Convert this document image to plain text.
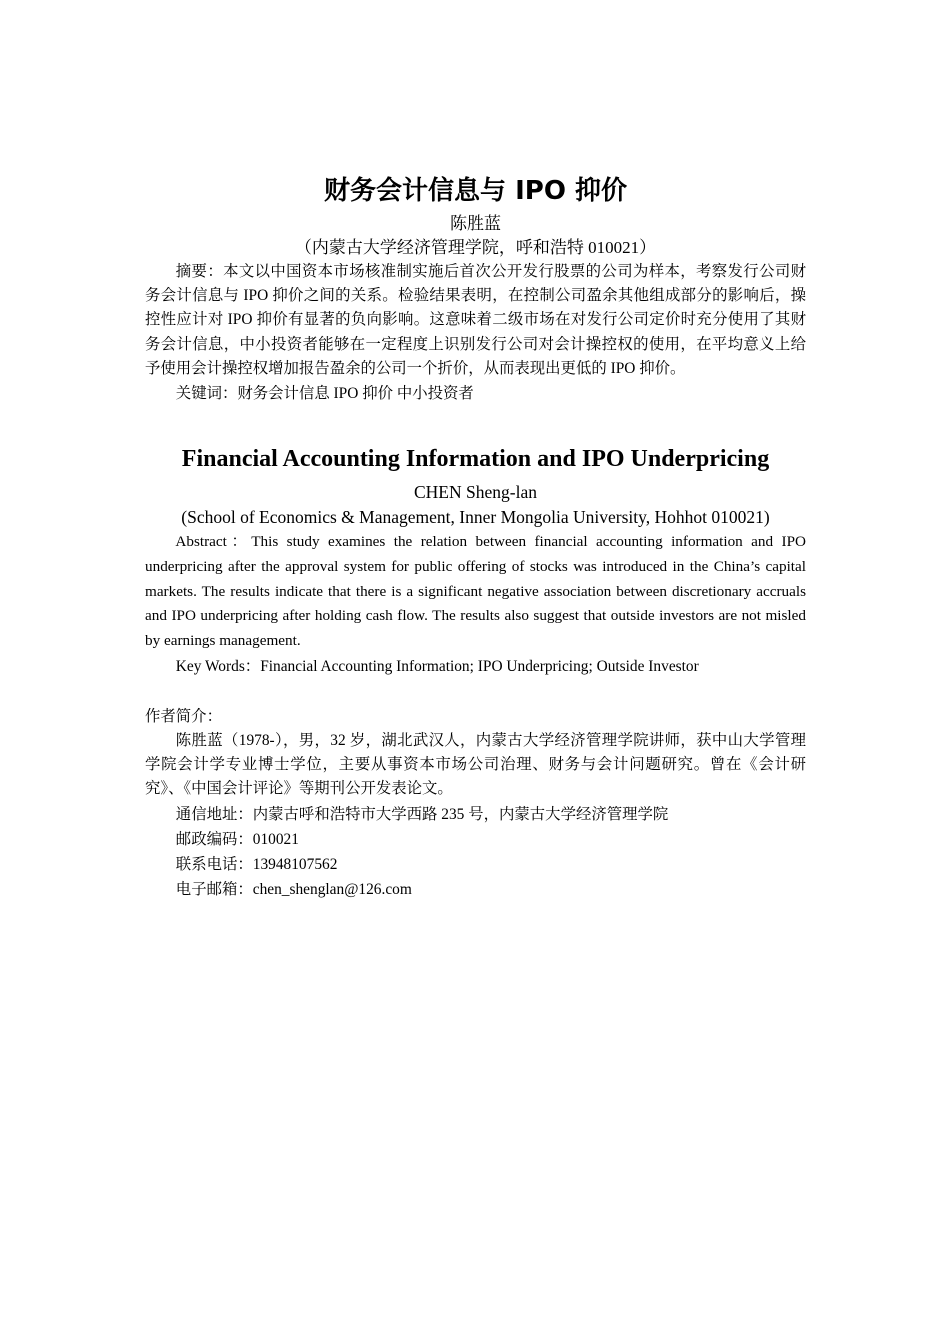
财务会计信息与 IPO 抑价

陈胜蓝

（内蒙古大学经济管理学院，呼和浩特 010021）

摘要：本文以中国资本市场核准制实施后首次公开发行股票的公司为样本，考察发行公司财务会计信息与 IPO 抑价之间的关系。检验结果表明，在控制公司盈余其他组成部分的影响后，操控性应计对 IPO 抑价有显著的负向影响。这意味着二级市场在对发行公司定价时充分使用了其财务会计信息，中小投资者能够在一定程度上识别发行公司对会计操控权的使用，在平均意义上给予使用会计操控权增加报告盈余的公司一个折价，从而表现出更低的 IPO 抑价。

关键词：财务会计信息 IPO 抑价 中小投资者

Financial Accounting Information and IPO Underpricing

CHEN Sheng-lan

(School of Economics & Management, Inner Mongolia University, Hohhot 010021)

Abstract：This study examines the relation between financial accounting information and IPO underpricing after the approval system for public offering of stocks was introduced in the China’s capital markets. The results indicate that there is a significant negative association between discretionary accruals and IPO underpricing after holding cash flow. The results also suggest that outside investors are not misled by earnings management.

Key Words：Financial Accounting Information; IPO Underpricing; Outside Investor

作者简介：

陈胜蓝（1978-），男，32 岁，湖北武汉人，内蒙古大学经济管理学院讲师，获中山大学管理学院会计学专业博士学位，主要从事资本市场公司治理、财务与会计问题研究。曾在《会计研究》、《中国会计评论》等期刊公开发表论文。

通信地址：内蒙古呼和浩特市大学西路 235 号，内蒙古大学经济管理学院

邮政编码：010021

联系电话：13948107562

电子邮箱：chen_shenglan@126.com
